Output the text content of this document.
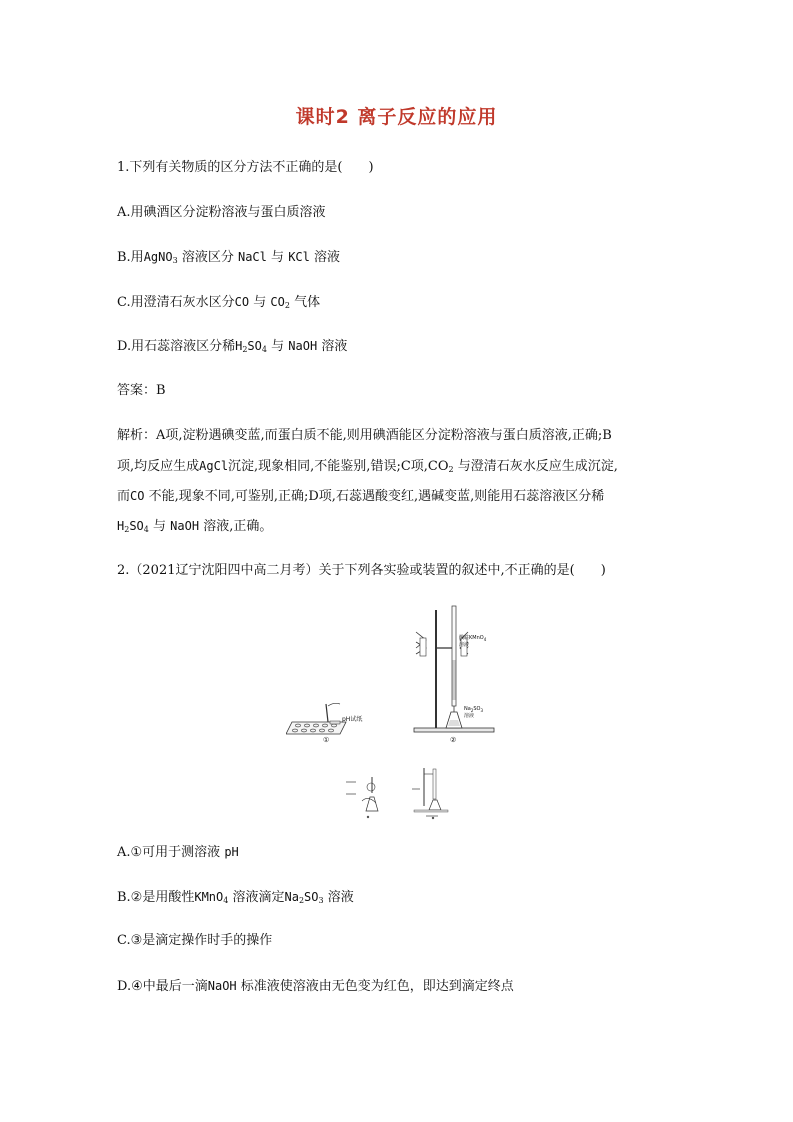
课时2 离子反应的应用
1.下列有关物质的区分方法不正确的是(　　)
A.用碘酒区分淀粉溶液与蛋白质溶液
B.用AgNO$_3$ 溶液区分 NaCl 与 KCl 溶液
C.用澄清石灰水区分CO 与 $CO_2$ 气体
D.用石蕊溶液区分稀$H_2SO_4$ 与 NaOH 溶液
答案：B
解析：A项,淀粉遇碘变蓝,而蛋白质不能,则用碘酒能区分淀粉溶液与蛋白质溶液,正确;B
项,均反应生成AgCl沉淀,现象相同,不能鉴别,错误;C项$,CO_2$ 与澄清石灰水反应生成沉淀,
而CO 不能,现象不同,可鉴别,正确;D项,石蕊遇酸变红,遇碱变蓝,则能用石蕊溶液区分稀
$H_2SO_4$ 与 NaOH 溶液,正确。
2.（2021辽宁沈阳四中高二月考）关于下列各实验或装置的叙述中,不正确的是(　　)
pH试纸
①
酸性KMnO$_4$
溶液
$Na_2SO_3$
溶液
②
A.①可用于测溶液 pH
B.②是用酸性KMnO$_4$ 溶液滴定$Na_2SO_3$ 溶液
C.③是滴定操作时手的操作
D.④中最后一滴NaOH 标准液使溶液由无色变为红色，即达到滴定终点
